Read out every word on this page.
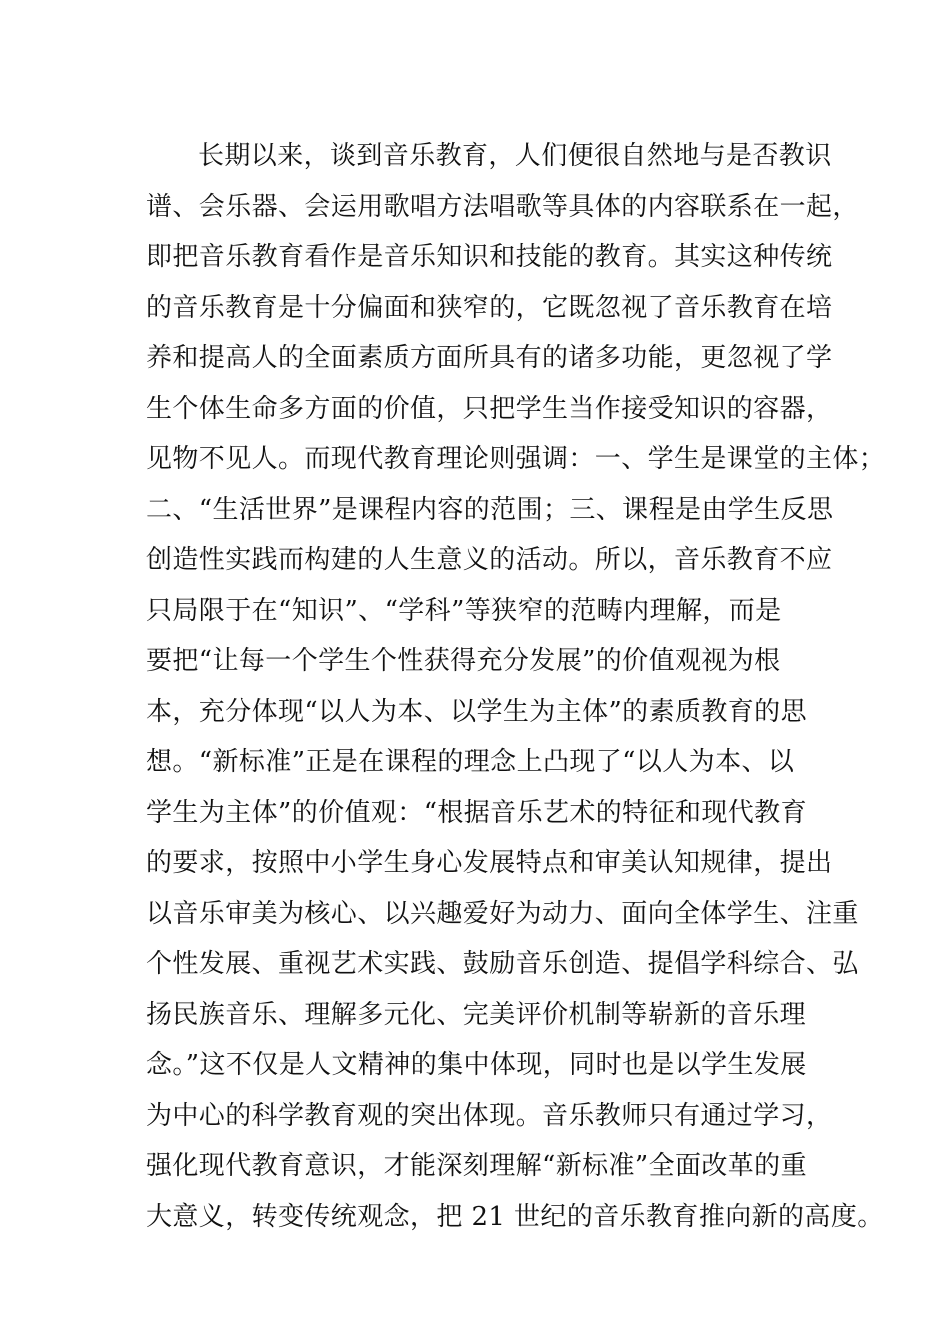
长期以来，谈到音乐教育，人们便很自然地与是否教识
谱、会乐器、会运用歌唱方法唱歌等具体的内容联系在一起，
即把音乐教育看作是音乐知识和技能的教育。其实这种传统
的音乐教育是十分偏面和狭窄的，它既忽视了音乐教育在培
养和提高人的全面素质方面所具有的诸多功能，更忽视了学
生个体生命多方面的价值，只把学生当作接受知识的容器，
见物不见人。而现代教育理论则强调：一、学生是课堂的主体；
二、“生活世界”是课程内容的范围；三、课程是由学生反思
创造性实践而构建的人生意义的活动。所以，音乐教育不应
只局限于在“知识”、“学科”等狭窄的范畴内理解，而是
要把“让每一个学生个性获得充分发展”的价值观视为根
本，充分体现“以人为本、以学生为主体”的素质教育的思
想。“新标准”正是在课程的理念上凸现了“以人为本、以
学生为主体”的价值观：“根据音乐艺术的特征和现代教育
的要求，按照中小学生身心发展特点和审美认知规律，提出
以音乐审美为核心、以兴趣爱好为动力、面向全体学生、注重
个性发展、重视艺术实践、鼓励音乐创造、提倡学科综合、弘
扬民族音乐、理解多元化、完美评价机制等崭新的音乐理
念。”这不仅是人文精神的集中体现，同时也是以学生发展
为中心的科学教育观的突出体现。音乐教师只有通过学习，
强化现代教育意识，才能深刻理解“新标准”全面改革的重
大意义，转变传统观念，把 21 世纪的音乐教育推向新的高度。
